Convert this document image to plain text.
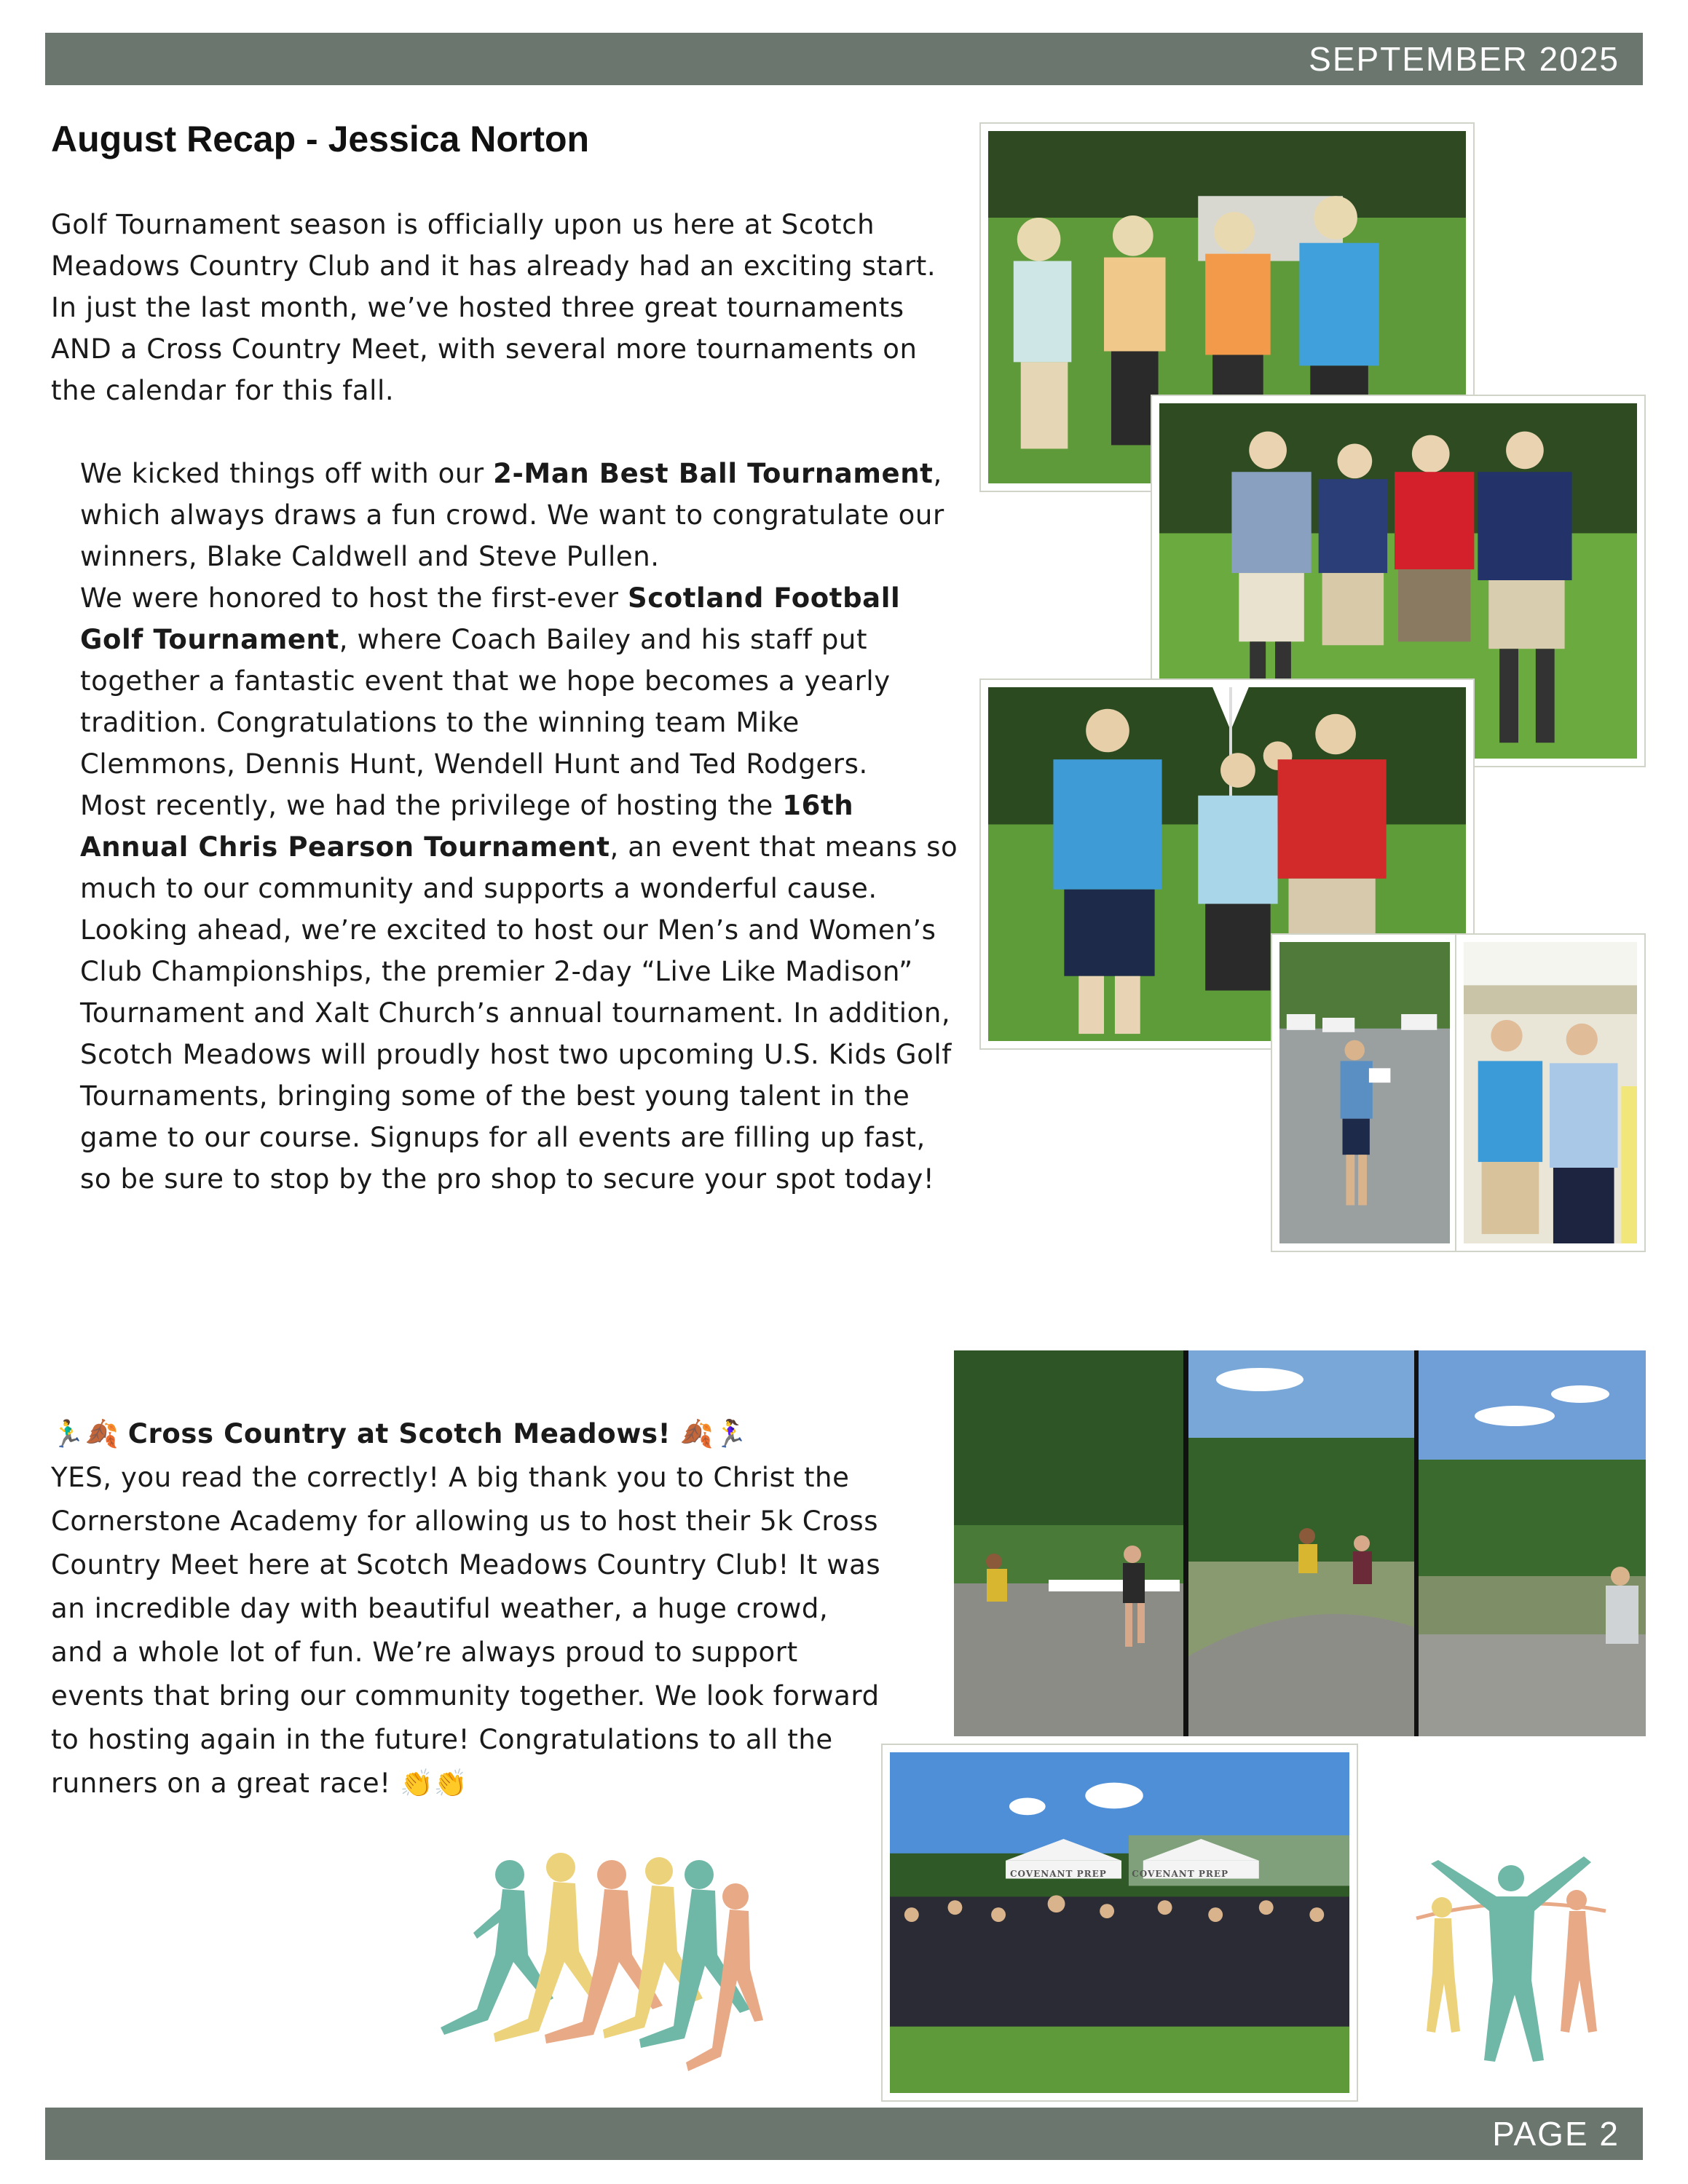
SEPTEMBER 2025
August Recap - Jessica Norton

Golf Tournament season is officially upon us here at Scotch Meadows Country Club and it has already had an exciting start. In just the last month, we’ve hosted three great tournaments AND a Cross Country Meet, with several more tournaments on the calendar for this fall.

We kicked things off with our 2-Man Best Ball Tournament, which always draws a fun crowd. We want to congratulate our winners, Blake Caldwell and Steve Pullen.

We were honored to host the first-ever Scotland Football Golf Tournament, where Coach Bailey and his staff put together a fantastic event that we hope becomes a yearly tradition. Congratulations to the winning team Mike Clemmons, Dennis Hunt, Wendell Hunt and Ted Rodgers.

Most recently, we had the privilege of hosting the 16th Annual Chris Pearson Tournament, an event that means so much to our community and supports a wonderful cause.

Looking ahead, we’re excited to host our Men’s and Women’s Club Championships, the premier 2-day “Live Like Madison” Tournament and Xalt Church’s annual tournament. In addition, Scotch Meadows will proudly host two upcoming U.S. Kids Golf Tournaments, bringing some of the best young talent in the game to our course. Signups for all events are filling up fast, so be sure to stop by the pro shop to secure your spot today!

🏃‍♂️🍂 Cross Country at Scotch Meadows! 🍂🏃‍♀️

YES, you read the correctly! A big thank you to Christ the Cornerstone Academy for allowing us to host their 5k Cross Country Meet here at Scotch Meadows Country Club! It was an incredible day with beautiful weather, a huge crowd, and a whole lot of fun. We’re always proud to support events that bring our community together. We look forward to hosting again in the future! Congratulations to all the runners on a great race! 👏👏

COVENANT PREP	COVENANT PREP
PAGE 2
